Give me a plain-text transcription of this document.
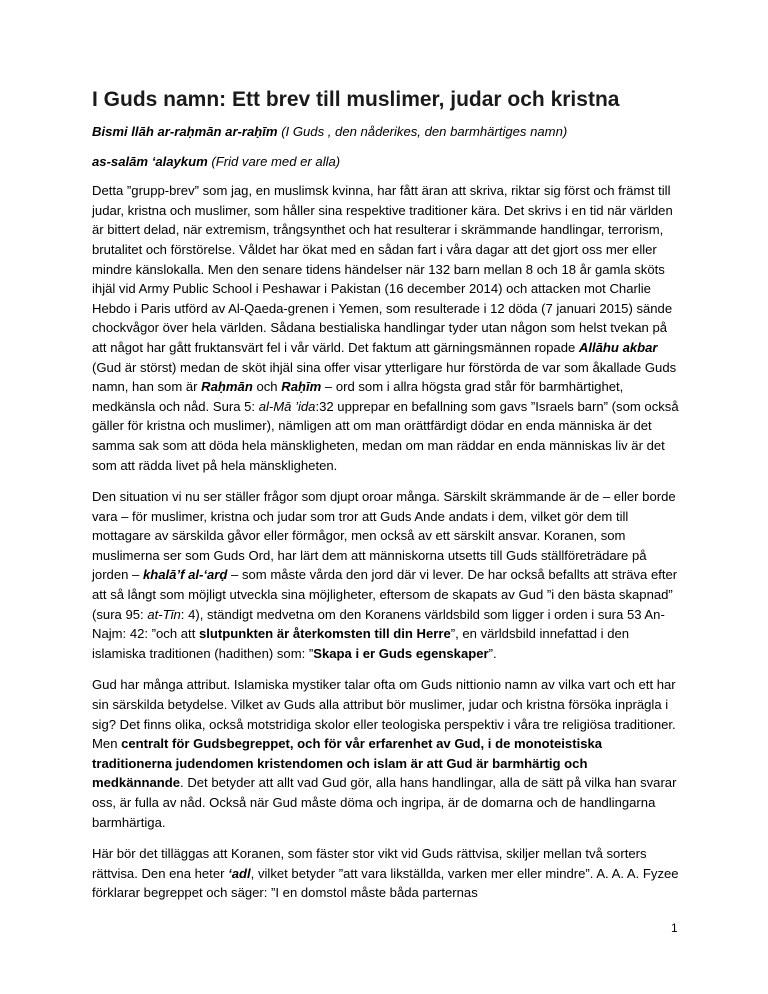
I Guds namn: Ett brev till muslimer, judar och kristna

Bismi llāh ar-raḥmān ar-raḥīm (I Guds , den nåderikes, den barmhärtiges namn)

as-salām ‘alaykum (Frid vare med er alla)

Detta ”grupp-brev” som jag, en muslimsk kvinna, har fått äran att skriva, riktar sig först och främst till judar, kristna och muslimer, som håller sina respektive traditioner kära. Det skrivs i en tid när världen är bittert delad, när extremism, trångsynthet och hat resulterar i skrämmande handlingar, terrorism, brutalitet och förstörelse. Våldet har ökat med en sådan fart i våra dagar att det gjort oss mer eller mindre känslokalla. Men den senare tidens händelser när 132 barn mellan 8 och 18 år gamla sköts ihjäl vid Army Public School i Peshawar i Pakistan (16 december 2014) och attacken mot Charlie Hebdo i Paris utförd av Al-Qaeda-grenen i Yemen, som resulterade i 12 döda (7 januari 2015) sände chockvågor över hela världen. Sådana bestialiska handlingar tyder utan någon som helst tvekan på att något har gått fruktansvärt fel i vår värld. Det faktum att gärningsmännen ropade Allāhu akbar (Gud är störst) medan de sköt ihjäl sina offer visar ytterligare hur förstörda de var som åkallade Guds namn, han som är Raḥmān och Raḥīm – ord som i allra högsta grad står för barmhärtighet, medkänsla och nåd. Sura 5: al-Mā ’ida:32 upprepar en befallning som gavs ”Israels barn” (som också gäller för kristna och muslimer), nämligen att om man orättfärdigt dödar en enda människa är det samma sak som att döda hela mänskligheten, medan om man räddar en enda människas liv är det som att rädda livet på hela mänskligheten.

Den situation vi nu ser ställer frågor som djupt oroar många. Särskilt skrämmande är de – eller borde vara – för muslimer, kristna och judar som tror att Guds Ande andats i dem, vilket gör dem till mottagare av särskilda gåvor eller förmågor, men också av ett särskilt ansvar. Koranen, som muslimerna ser som Guds Ord, har lärt dem att människorna utsetts till Guds ställföreträdare på jorden – khalā’f al-‘arḍ – som måste vårda den jord där vi lever. De har också befallts att sträva efter att så långt som möjligt utveckla sina möjligheter, eftersom de skapats av Gud ”i den bästa skapnad” (sura 95: at-Tīn: 4), ständigt medvetna om den Koranens världsbild som ligger i orden i sura 53 An-Najm: 42: ”och att slutpunkten är återkomsten till din Herre”, en världsbild innefattad i den islamiska traditionen (hadithen) som: ”Skapa i er Guds egenskaper”.

Gud har många attribut. Islamiska mystiker talar ofta om Guds nittionio namn av vilka vart och ett har sin särskilda betydelse. Vilket av Guds alla attribut bör muslimer, judar och kristna försöka inprägla i sig? Det finns olika, också motstridiga skolor eller teologiska perspektiv i våra tre religiösa traditioner. Men centralt för Gudsbegreppet, och för vår erfarenhet av Gud, i de monoteistiska traditionerna judendomen kristendomen och islam är att Gud är barmhärtig och medkännande. Det betyder att allt vad Gud gör, alla hans handlingar, alla de sätt på vilka han svarar oss, är fulla av nåd. Också när Gud måste döma och ingripa, är de domarna och de handlingarna barmhärtiga.

Här bör det tilläggas att Koranen, som fäster stor vikt vid Guds rättvisa, skiljer mellan två sorters rättvisa. Den ena heter ‘adl, vilket betyder ”att vara likställda, varken mer eller mindre”. A. A. A. Fyzee förklarar begreppet och säger: ”I en domstol måste båda parternas

1
